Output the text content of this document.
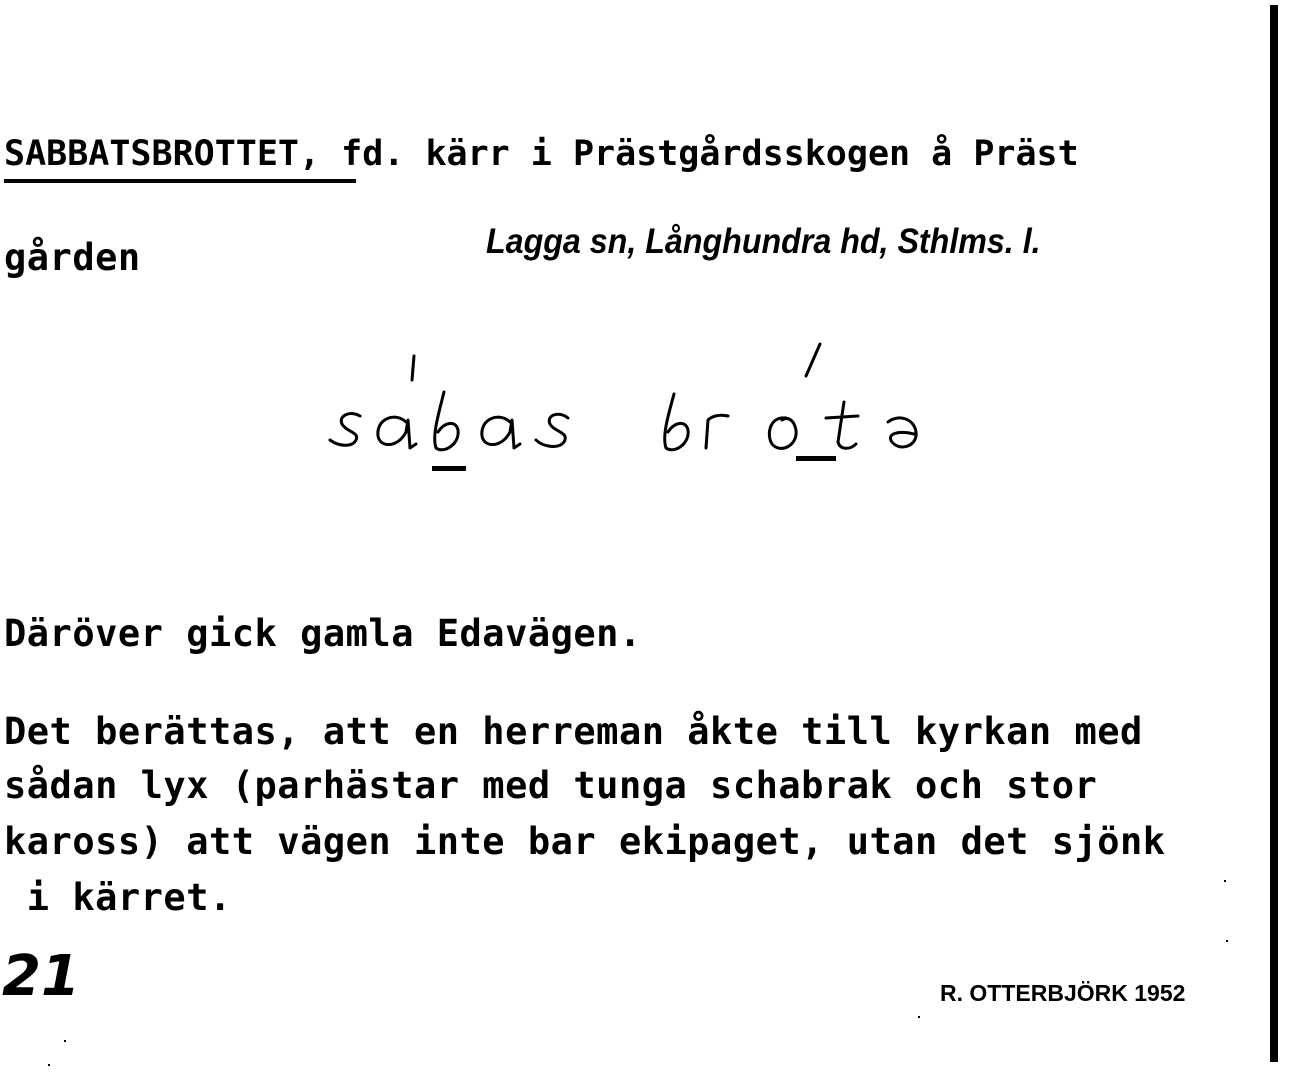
SABBATSBROTTET, fd. kärr i Prästgårdsskogen å Präst
gården	Lagga sn, Långhundra hd, Sthlms. l.
Däröver gick gamla Edavägen.
Det berättas, att en herreman åkte till kyrkan med
sådan lyx (parhästar med tunga schabrak och stor
kaross) att vägen inte bar ekipaget, utan det sjönk
i kärret.
21	R. OTTERBJÖRK 1952
